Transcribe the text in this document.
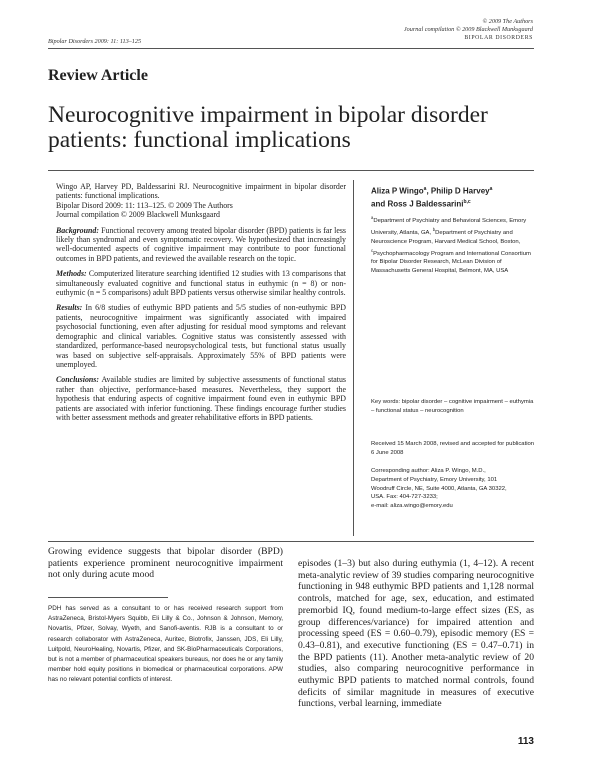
Bipolar Disorders 2009: 11: 113–125
© 2009 The Authors
Journal compilation © 2009 Blackwell Munksgaard
BIPOLAR DISORDERS
Review Article
Neurocognitive impairment in bipolar disorder patients: functional implications

Wingo AP, Harvey PD, Baldessarini RJ. Neurocognitive impairment in bipolar disorder patients: functional implications.
Bipolar Disord 2009: 11: 113–125. © 2009 The Authors
Journal compilation © 2009 Blackwell Munksgaard

Background: Functional recovery among treated bipolar disorder (BPD) patients is far less likely than syndromal and even symptomatic recovery. We hypothesized that increasingly well-documented aspects of cognitive impairment may contribute to poor functional outcomes in BPD patients, and reviewed the available research on the topic.

Methods: Computerized literature searching identified 12 studies with 13 comparisons that simultaneously evaluated cognitive and functional status in euthymic (n = 8) or non-euthymic (n = 5 comparisons) adult BPD patients versus otherwise similar healthy controls.

Results: In 6/8 studies of euthymic BPD patients and 5/5 studies of non-euthymic BPD patients, neurocognitive impairment was significantly associated with impaired psychosocial functioning, even after adjusting for residual mood symptoms and relevant demographic and clinical variables. Cognitive status was consistently assessed with standardized, performance-based neuropsychological tests, but functional status usually was based on subjective self-appraisals. Approximately 55% of BPD patients were unemployed.

Conclusions: Available studies are limited by subjective assessments of functional status rather than objective, performance-based measures. Nevertheless, they support the hypothesis that enduring aspects of cognitive impairment found even in euthymic BPD patients are associated with inferior functioning. These findings encourage further studies with better assessment methods and greater rehabilitative efforts in BPD patients.

Aliza P Wingo$^a$, Philip D Harvey$^a$
and Ross J Baldessarini$^{b,c}$
$^a$Department of Psychiatry and Behavioral Sciences, Emory University, Atlanta, GA, $^b$Department of Psychiatry and Neuroscience Program, Harvard Medical School, Boston, $^c$Psychopharmacology Program and International Consortium for Bipolar Disorder Research, McLean Division of Massachusetts General Hospital, Belmont, MA, USA
Key words: bipolar disorder – cognitive impairment – euthymia – functional status – neurocognition
Received 15 March 2008, revised and accepted for publication 6 June 2008
Corresponding author: Aliza P. Wingo, M.D.,
Department of Psychiatry, Emory University, 101
Woodruff Circle, NE, Suite 4000, Atlanta, GA 30322,
USA. Fax: 404-727-3233;
e-mail: aliza.wingo@emory.edu

Growing evidence suggests that bipolar disorder (BPD) patients experience prominent neurocognitive impairment not only during acute mood

PDH has served as a consultant to or has received research support from AstraZeneca, Bristol-Myers Squibb, Eli Lilly & Co., Johnson & Johnson, Memory, Novartis, Pfizer, Solvay, Wyeth, and Sanofi-aventis. RJB is a consultant to or research collaborator with AstraZeneca, Auritec, Biotrofix, Janssen, JDS, Eli Lilly, Luitpold, NeuroHealing, Novartis, Pfizer, and SK-BioPharmaceuticals Corporations, but is not a member of pharmaceutical speakers bureaus, nor does he or any family member hold equity positions in biomedical or pharmaceutical corporations. APW has no relevant potential conflicts of interest.

episodes (1–3) but also during euthymia (1, 4–12). A recent meta-analytic review of 39 studies comparing neurocognitive functioning in 948 euthymic BPD patients and 1,128 normal controls, matched for age, sex, education, and estimated premorbid IQ, found medium-to-large effect sizes (ES, as group differences/variance) for impaired attention and processing speed (ES = 0.60–0.79), episodic memory (ES = 0.43–0.81), and executive functioning (ES = 0.47–0.71) in the BPD patients (11). Another meta-analytic review of 20 studies, also comparing neurocognitive performance in euthymic BPD patients to matched normal controls, found deficits of similar magnitude in measures of executive functions, verbal learning, immediate

113
